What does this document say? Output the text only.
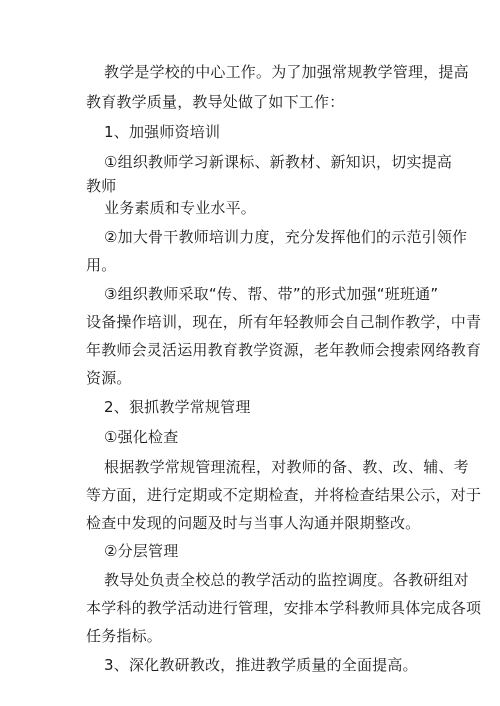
教学是学校的中心工作。为了加强常规教学管理，提高
教育教学质量，教导处做了如下工作：
1、加强师资培训
①组织教师学习新课标、新教材、新知识，切实提高
教师
业务素质和专业水平。
②加大骨干教师培训力度，充分发挥他们的示范引领作
用。
③组织教师采取“传、帮、带”的形式加强“班班通”
设备操作培训，现在，所有年轻教师会自己制作教学，中青
年教师会灵活运用教育教学资源，老年教师会搜索网络教育
资源。
2、狠抓教学常规管理
①强化检查
根据教学常规管理流程，对教师的备、教、改、辅、考
等方面，进行定期或不定期检查，并将检查结果公示，对于
检查中发现的问题及时与当事人沟通并限期整改。
②分层管理
教导处负责全校总的教学活动的监控调度。各教研组对
本学科的教学活动进行管理，安排本学科教师具体完成各项
任务指标。
3、深化教研教改，推进教学质量的全面提高。
